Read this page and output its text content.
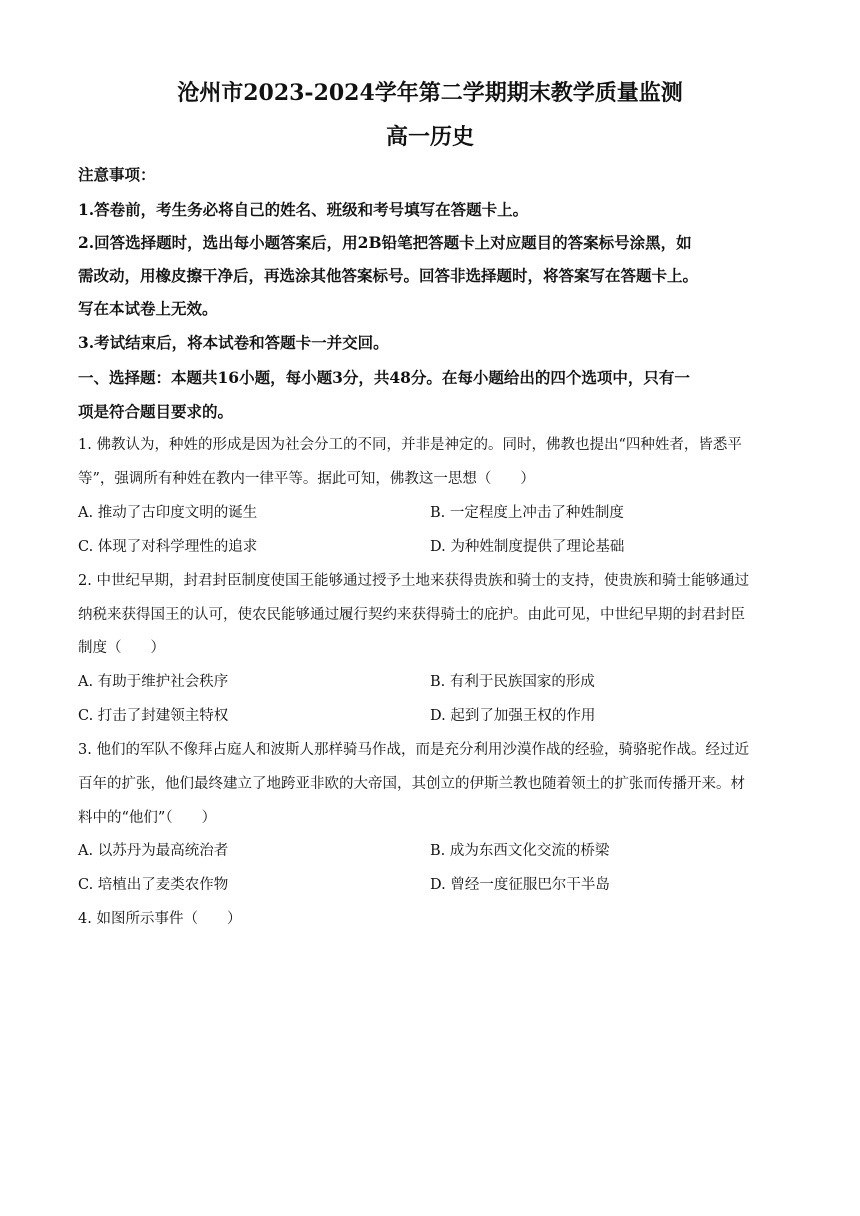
沧州市2023-2024学年第二学期期末教学质量监测
高一历史
注意事项：
1.答卷前，考生务必将自己的姓名、班级和考号填写在答题卡上。
2.回答选择题时，选出每小题答案后，用2B铅笔把答题卡上对应题目的答案标号涂黑，如
需改动，用橡皮擦干净后，再选涂其他答案标号。回答非选择题时，将答案写在答题卡上。
写在本试卷上无效。
3.考试结束后，将本试卷和答题卡一并交回。
一、选择题：本题共16小题，每小题3分，共48分。在每小题给出的四个选项中，只有一
项是符合题目要求的。
1. 佛教认为，种姓的形成是因为社会分工的不同，并非是神定的。同时，佛教也提出“四种姓者，皆悉平
等”，强调所有种姓在教内一律平等。据此可知，佛教这一思想（　　）
A. 推动了古印度文明的诞生	B. 一定程度上冲击了种姓制度
C. 体现了对科学理性的追求	D. 为种姓制度提供了理论基础
2. 中世纪早期，封君封臣制度使国王能够通过授予土地来获得贵族和骑士的支持，使贵族和骑士能够通过
纳税来获得国王的认可，使农民能够通过履行契约来获得骑士的庇护。由此可见，中世纪早期的封君封臣
制度（　　）
A. 有助于维护社会秩序	B. 有利于民族国家的形成
C. 打击了封建领主特权	D. 起到了加强王权的作用
3. 他们的军队不像拜占庭人和波斯人那样骑马作战，而是充分利用沙漠作战的经验，骑骆驼作战。经过近
百年的扩张，他们最终建立了地跨亚非欧的大帝国，其创立的伊斯兰教也随着领土的扩张而传播开来。材
料中的“他们”（　　）
A. 以苏丹为最高统治者	B. 成为东西文化交流的桥梁
C. 培植出了麦类农作物	D. 曾经一度征服巴尔干半岛
4. 如图所示事件（　　）
